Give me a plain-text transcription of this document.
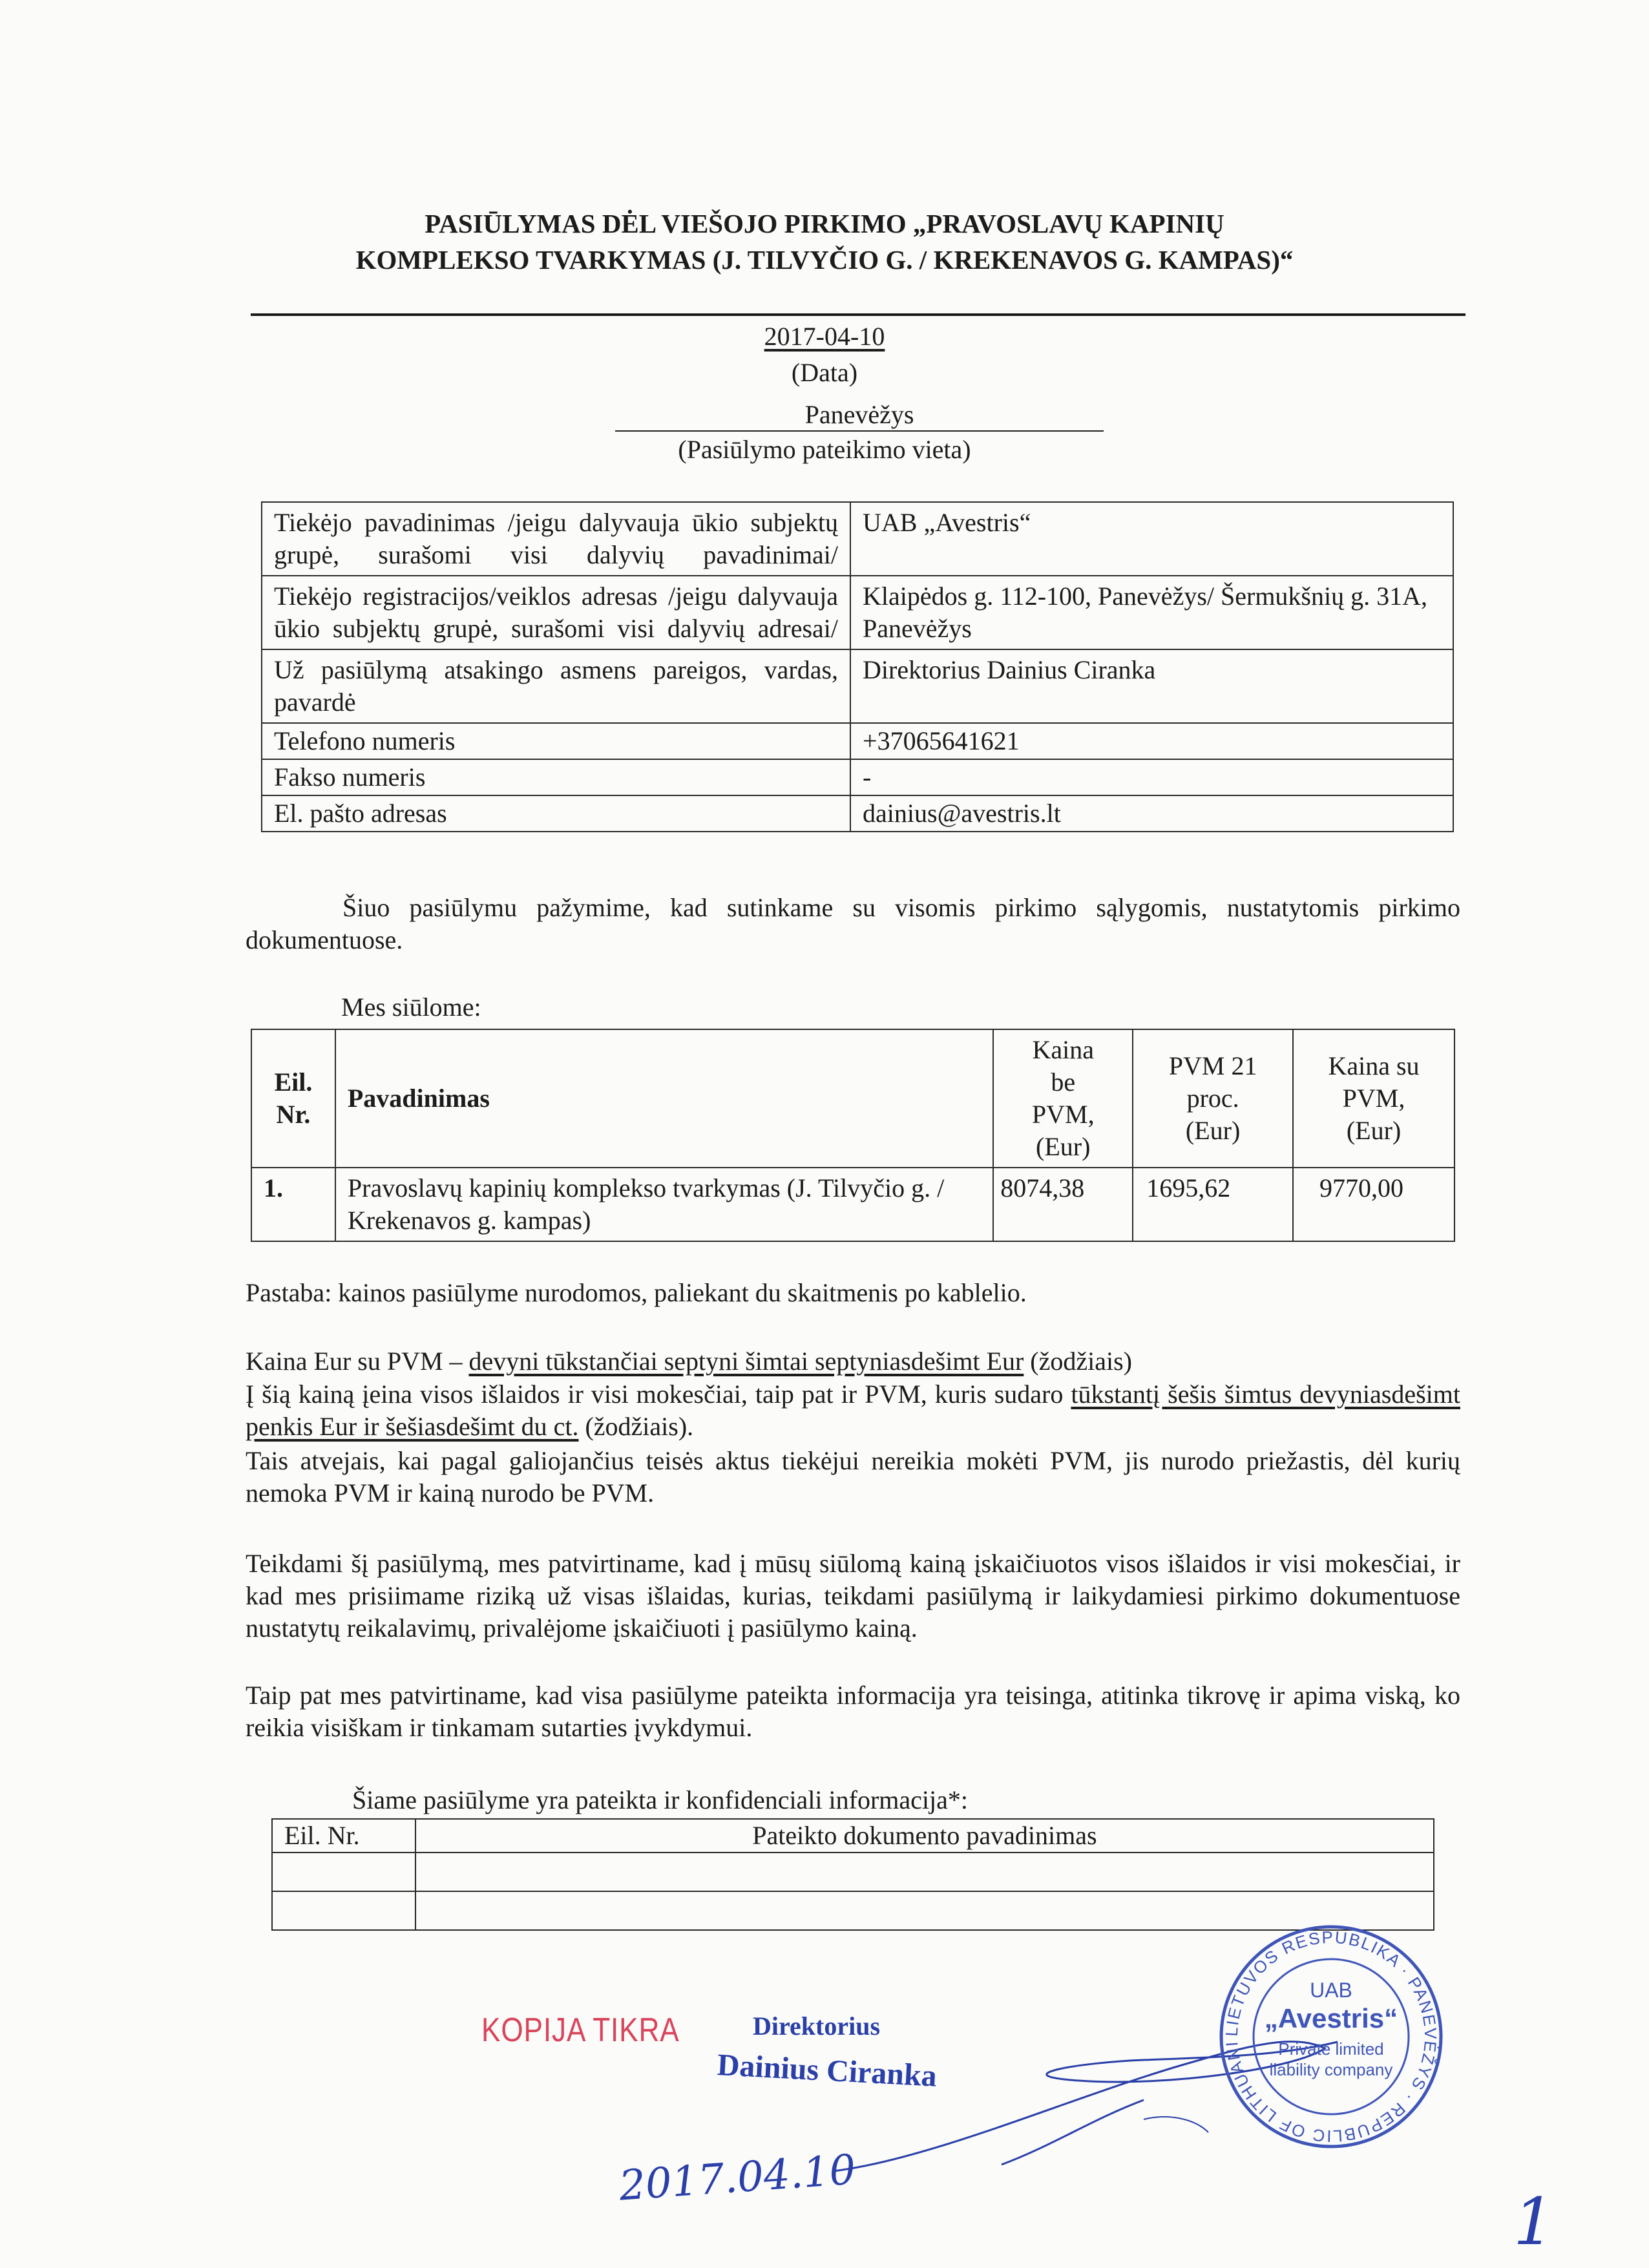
PASIŪLYMAS DĖL VIEŠOJO PIRKIMO „PRAVOSLAVŲ KAPINIŲ
KOMPLEKSO TVARKYMAS (J. TILVYČIO G. / KREKENAVOS G. KAMPAS)“
2017-04-10
(Data)
Panevėžys
(Pasiūlymo pateikimo vieta)
Tiekėjo pavadinimas /jeigu dalyvauja ūkio subjektų grupė, surašomi visi dalyvių pavadinimai/	UAB „Avestris“
Tiekėjo registracijos/veiklos adresas /jeigu dalyvauja ūkio subjektų grupė, surašomi visi dalyvių adresai/	Klaipėdos g. 112-100, Panevėžys/ Šermukšnių g. 31A, Panevėžys
Už pasiūlymą atsakingo asmens pareigos, vardas, pavardė	Direktorius Dainius Ciranka
Telefono numeris	+37065641621
Fakso numeris	-
El. pašto adresas	dainius@avestris.lt
Šiuo pasiūlymu pažymime, kad sutinkame su visomis pirkimo sąlygomis, nustatytomis pirkimo dokumentuose.
Mes siūlome:
Eil. Nr.	Pavadinimas	Kaina be PVM, (Eur)	PVM 21 proc. (Eur)	Kaina su PVM, (Eur)
1.	Pravoslavų kapinių komplekso tvarkymas (J. Tilvyčio g. / Krekenavos g. kampas)	8074,38	1695,62	9770,00
Pastaba: kainos pasiūlyme nurodomos, paliekant du skaitmenis po kablelio.
Kaina Eur su PVM – devyni tūkstančiai septyni šimtai septyniasdešimt Eur (žodžiais)
Į šią kainą įeina visos išlaidos ir visi mokesčiai, taip pat ir PVM, kuris sudaro tūkstantį šešis šimtus devyniasdešimt penkis Eur ir šešiasdešimt du ct. (žodžiais).
Tais atvejais, kai pagal galiojančius teisės aktus tiekėjui nereikia mokėti PVM, jis nurodo priežastis, dėl kurių nemoka PVM ir kainą nurodo be PVM.
Teikdami šį pasiūlymą, mes patvirtiname, kad į mūsų siūlomą kainą įskaičiuotos visos išlaidos ir visi mokesčiai, ir kad mes prisiimame riziką už visas išlaidas, kurias, teikdami pasiūlymą ir laikydamiesi pirkimo dokumentuose nustatytų reikalavimų, privalėjome įskaičiuoti į pasiūlymo kainą.
Taip pat mes patvirtiname, kad visa pasiūlyme pateikta informacija yra teisinga, atitinka tikrovę ir apima viską, ko reikia visiškam ir tinkamam sutarties įvykdymui.
Šiame pasiūlyme yra pateikta ir konfidenciali informacija*:
Eil. Nr.	Pateikto dokumento pavadinimas

KOPIJA TIKRA	Direktorius
Dainius Ciranka
2017.04.10
1
LIETUVOS RESPUBLIKA · PANEVĖŽYS · REPUBLIC OF LITHUANI
UAB
„Avestris“
Private limited
liability company
